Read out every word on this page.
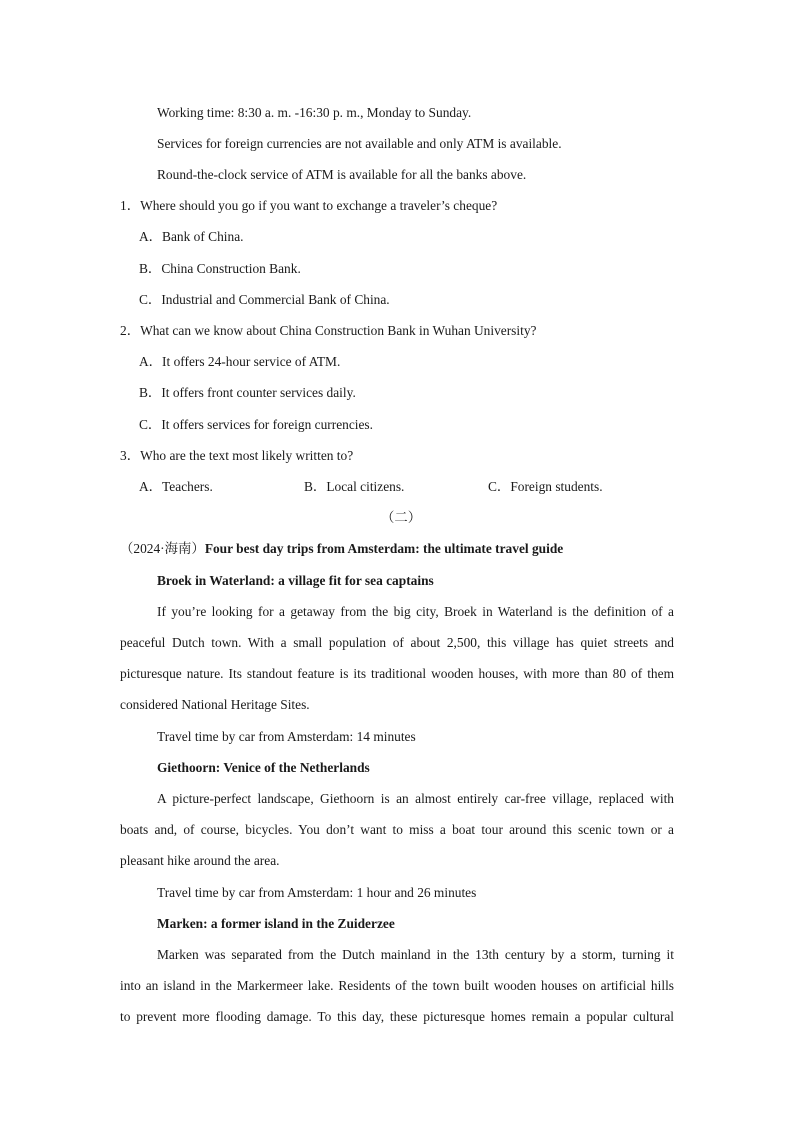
Working time: 8:30 a. m. -16:30 p. m., Monday to Sunday.
Services for foreign currencies are not available and only ATM is available.
Round-the-clock service of ATM is available for all the banks above.
1．Where should you go if you want to exchange a traveler’s cheque?
A．Bank of China.
B．China Construction Bank.
C．Industrial and Commercial Bank of China.
2．What can we know about China Construction Bank in Wuhan University?
A．It offers 24-hour service of ATM.
B．It offers front counter services daily.
C．It offers services for foreign currencies.
3．Who are the text most likely written to?
A．Teachers.	B．Local citizens.	C．Foreign students.
（二）
（2024·海南）Four best day trips from Amsterdam: the ultimate travel guide
Broek in Waterland: a village fit for sea captains
If you’re looking for a getaway from the big city, Broek in Waterland is the definition of a
peaceful Dutch town. With a small population of about 2,500, this village has quiet streets and
picturesque nature. Its standout feature is its traditional wooden houses, with more than 80 of them
considered National Heritage Sites.
Travel time by car from Amsterdam: 14 minutes
Giethoorn: Venice of the Netherlands
A picture-perfect landscape, Giethoorn is an almost entirely car-free village, replaced with
boats and, of course, bicycles. You don’t want to miss a boat tour around this scenic town or a
pleasant hike around the area.
Travel time by car from Amsterdam: 1 hour and 26 minutes
Marken: a former island in the Zuiderzee
Marken was separated from the Dutch mainland in the 13th century by a storm, turning it
into an island in the Markermeer lake. Residents of the town built wooden houses on artificial hills
to prevent more flooding damage. To this day, these picturesque homes remain a popular cultural
